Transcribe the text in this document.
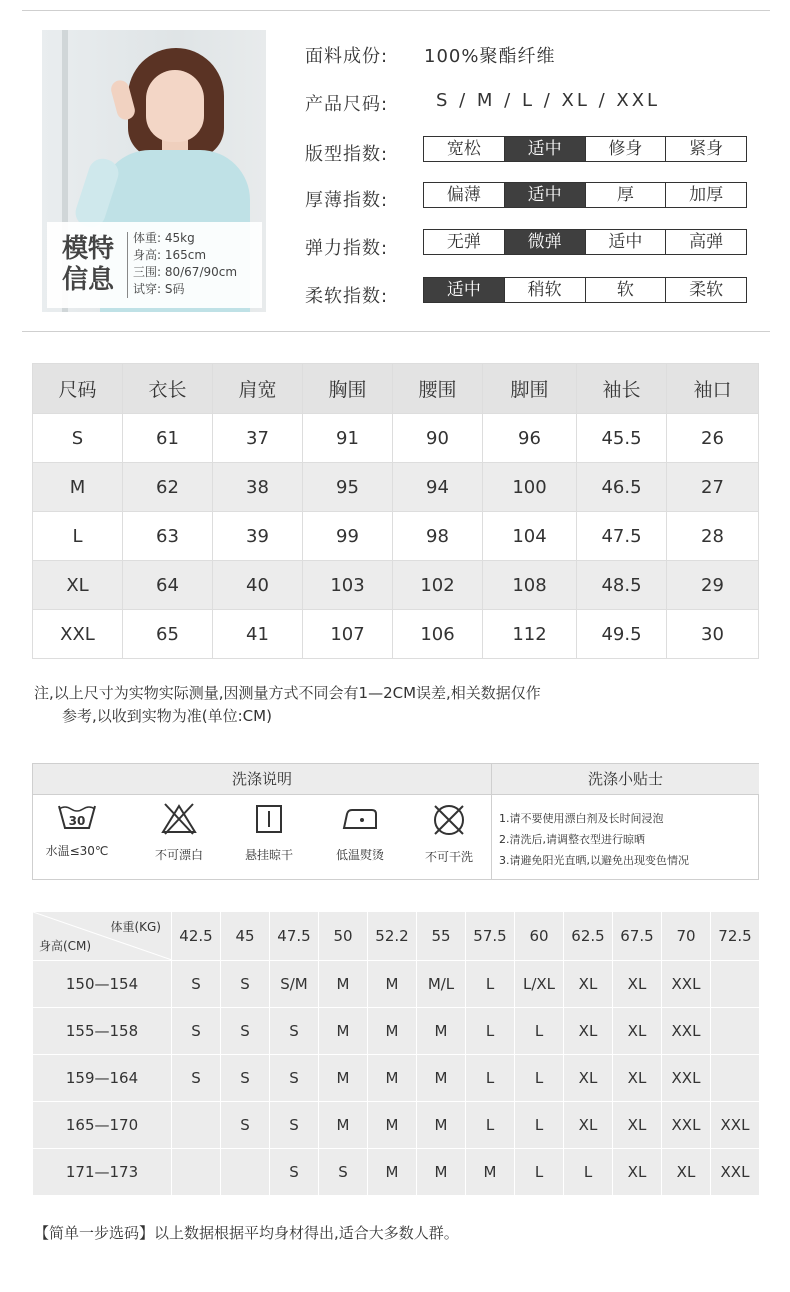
模特
信息
体重: 45kg
身高: 165cm
三围: 80/67/90cm
试穿: S码
面料成份: 100%聚酯纤维
产品尺码:	S / M / L / XL / XXL
版型指数:	宽松	适中	修身	紧身
厚薄指数:	偏薄	适中	厚	加厚
弹力指数:	无弹	微弹	适中	高弹
柔软指数:	适中	稍软	软	柔软
尺码	衣长	肩宽	胸围	腰围	脚围	袖长	袖口
S	61	37	91	90	96	45.5	26
M	62	38	95	94	100	46.5	27
L	63	39	99	98	104	47.5	28
XL	64	40	103	102	108	48.5	29
XXL	65	41	107	106	112	49.5	30
注,以上尺寸为实物实际测量,因测量方式不同会有1—2CM误差,相关数据仅作
参考,以收到实物为准(单位:CM)
洗涤说明	洗涤小贴士
30
水温≤30℃	不可漂白	悬挂晾干	低温熨烫	不可干洗
1.请不要使用漂白剂及长时间浸泡
2.清洗后,请调整衣型进行晾晒
3.请避免阳光直晒,以避免出现变色情况
体重(KG)
身高(CM)	42.5	45	47.5	50	52.2	55	57.5	60	62.5	67.5	70	72.5
150—154	S	S	S/M	M	M	M/L	L	L/XL	XL	XL	XXL	
155—158	S	S	S	M	M	M	L	L	XL	XL	XXL	
159—164	S	S	S	M	M	M	L	L	XL	XL	XXL	
165—170		S	S	M	M	M	L	L	XL	XL	XXL	XXL
171—173			S	S	M	M	M	L	L	XL	XL	XXL
【简单一步选码】以上数据根据平均身材得出,适合大多数人群。
